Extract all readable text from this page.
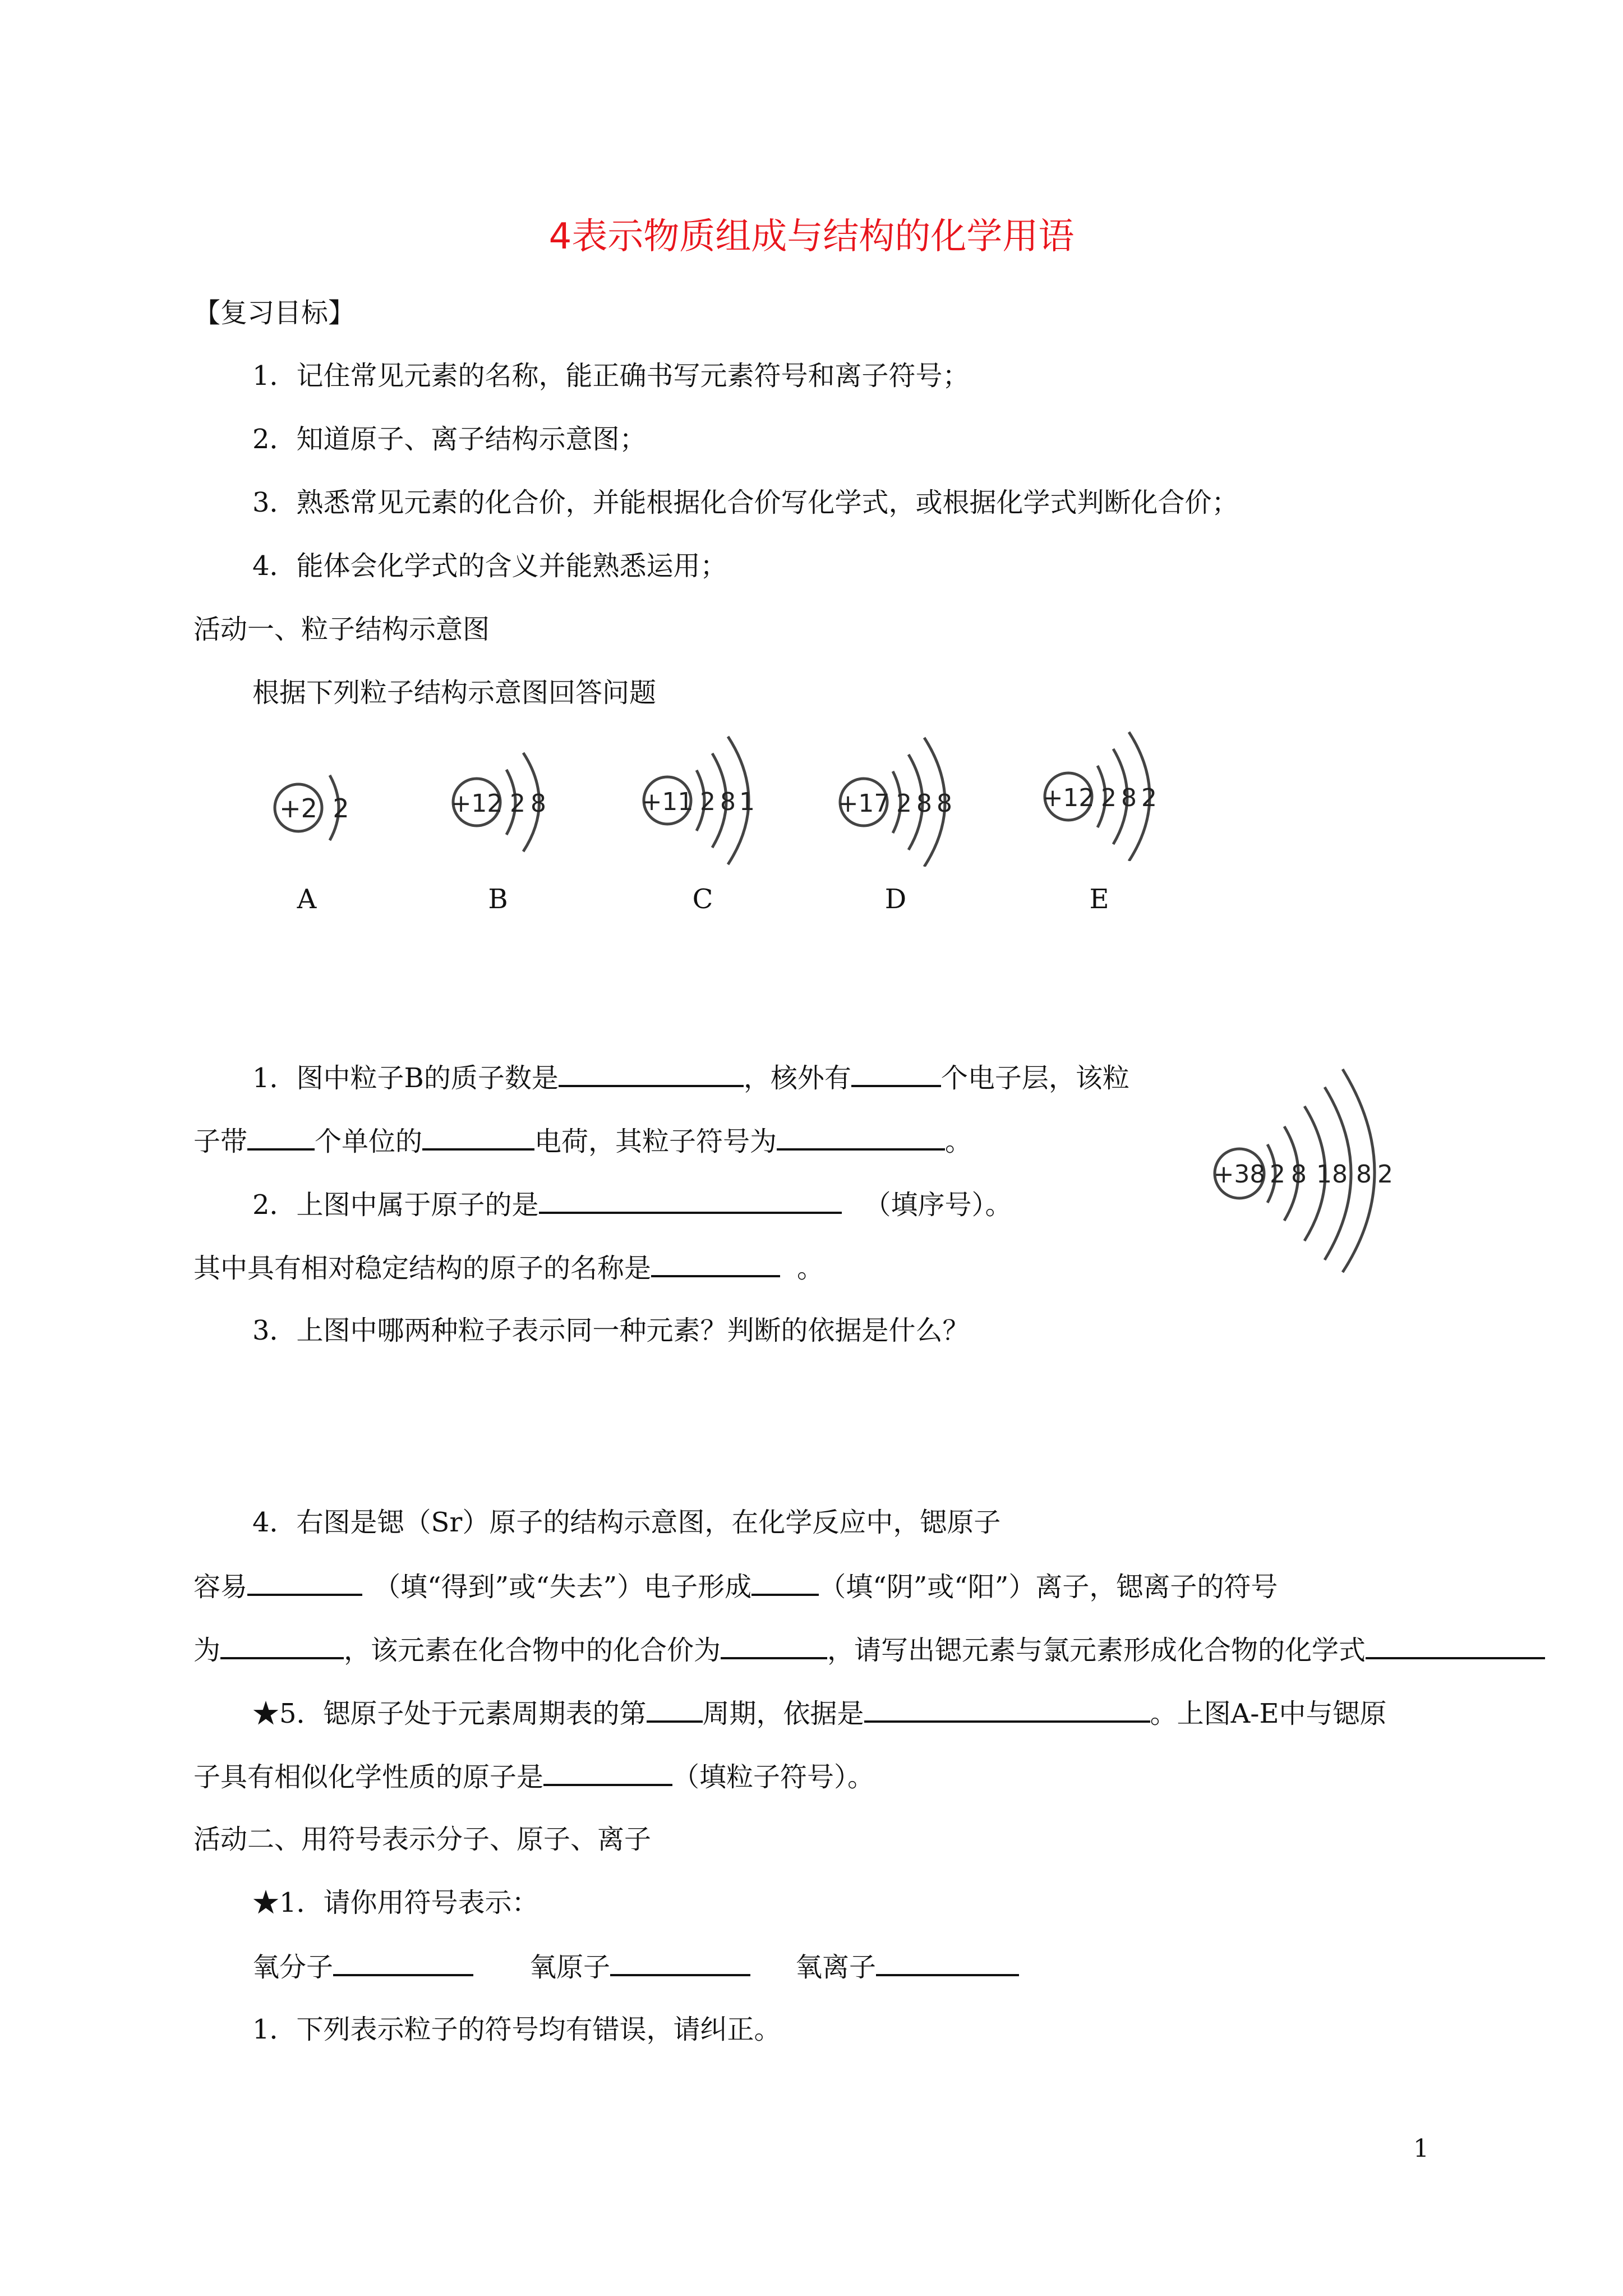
4表示物质组成与结构的化学用语
【复习目标】
1．记住常见元素的名称，能正确书写元素符号和离子符号；
2．知道原子、离子结构示意图；
3．熟悉常见元素的化合价，并能根据化合价写化学式，或根据化学式判断化合价；
4．能体会化学式的含义并能熟悉运用；
活动一、粒子结构示意图
根据下列粒子结构示意图回答问题
+2 2	+12 2 8	+11 2 8 1	+17 2 8 8	+12 2 8 2
A	B	C	D	E
+38 2 8 18 8 2
1．图中粒子B的质子数是	，核外有	个电子层，该粒
子带	个单位的	电荷，其粒子符号为	。
2．上图中属于原子的是	（填序号）。
其中具有相对稳定结构的原子的名称是	。
3．上图中哪两种粒子表示同一种元素？判断的依据是什么？
4．右图是锶（Sr）原子的结构示意图，在化学反应中，锶原子
容易	（填“得到”或“失去”）电子形成	（填“阴”或“阳”）离子，锶离子的符号
为	，该元素在化合物中的化合价为	，请写出锶元素与氯元素形成化合物的化学式
★5．锶原子处于元素周期表的第 周期，依据是	。上图A-E中与锶原
子具有相似化学性质的原子是	（填粒子符号）。
活动二、用符号表示分子、原子、离子
★1．请你用符号表示：
氧分子	氧原子	氧离子
1．下列表示粒子的符号均有错误，请纠正。
1
